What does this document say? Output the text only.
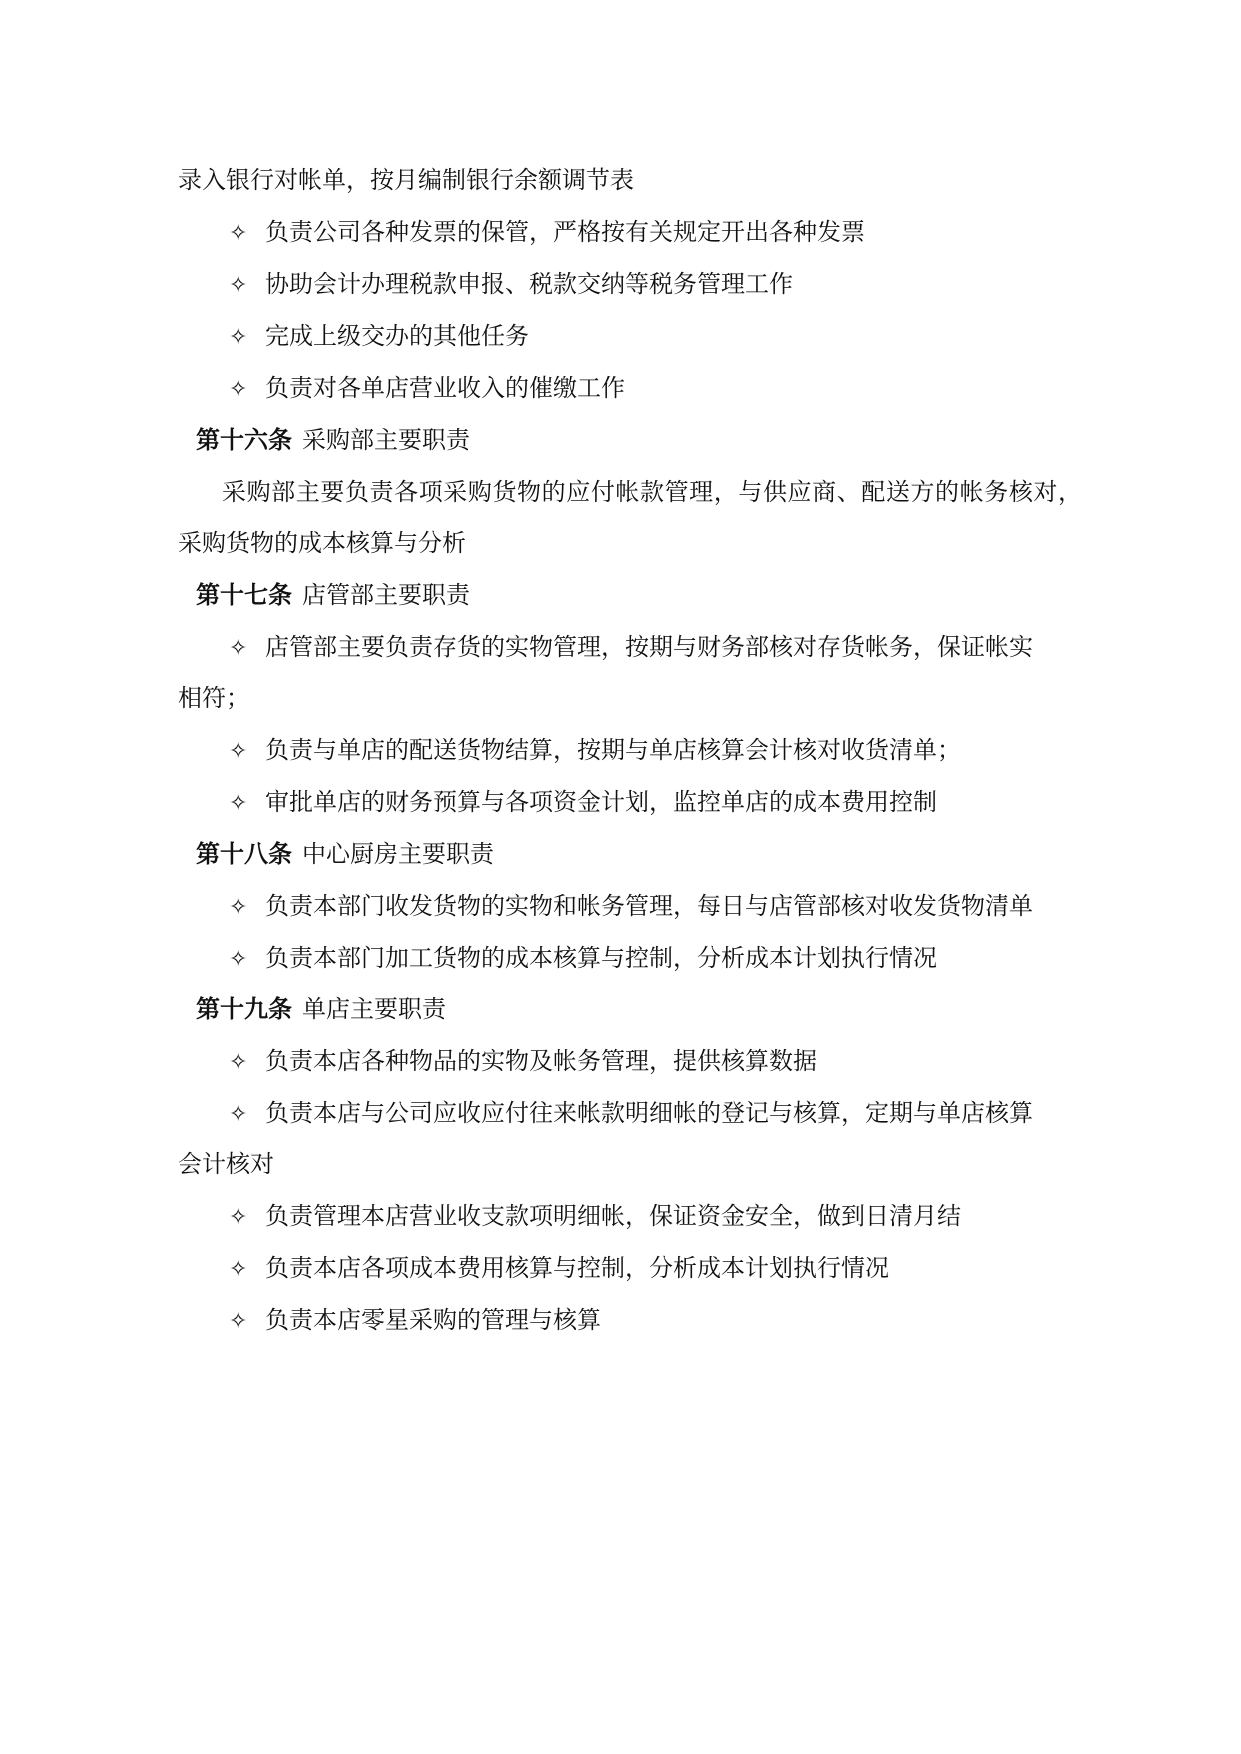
录入银行对帐单，按月编制银行余额调节表
✧ 负责公司各种发票的保管，严格按有关规定开出各种发票
✧ 协助会计办理税款申报、税款交纳等税务管理工作
✧ 完成上级交办的其他任务
✧ 负责对各单店营业收入的催缴工作
第十六条 采购部主要职责
采购部主要负责各项采购货物的应付帐款管理，与供应商、配送方的帐务核对，
采购货物的成本核算与分析
第十七条 店管部主要职责
✧ 店管部主要负责存货的实物管理，按期与财务部核对存货帐务，保证帐实
相符；
✧ 负责与单店的配送货物结算，按期与单店核算会计核对收货清单；
✧ 审批单店的财务预算与各项资金计划，监控单店的成本费用控制
第十八条 中心厨房主要职责
✧ 负责本部门收发货物的实物和帐务管理，每日与店管部核对收发货物清单
✧ 负责本部门加工货物的成本核算与控制，分析成本计划执行情况
第十九条 单店主要职责
✧ 负责本店各种物品的实物及帐务管理，提供核算数据
✧ 负责本店与公司应收应付往来帐款明细帐的登记与核算，定期与单店核算
会计核对
✧ 负责管理本店营业收支款项明细帐，保证资金安全，做到日清月结
✧ 负责本店各项成本费用核算与控制，分析成本计划执行情况
✧ 负责本店零星采购的管理与核算
